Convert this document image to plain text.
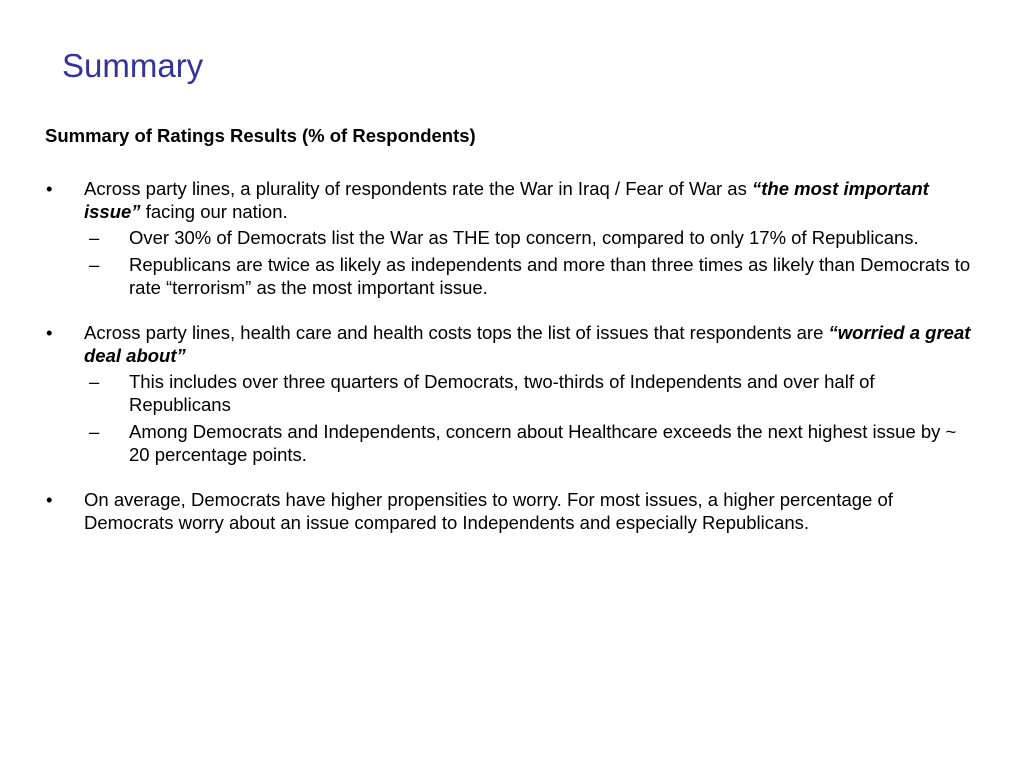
Summary
Summary of Ratings Results (% of Respondents)
•	Across party lines, a plurality of respondents rate the War in Iraq / Fear of War as “the most important issue” facing our nation.
–	Over 30% of Democrats list the War as THE top concern, compared to only 17% of Republicans.
–	Republicans are twice as likely as independents and more than three times as likely than Democrats to rate “terrorism” as the most important issue.
•	Across party lines, health care and health costs tops the list of issues that respondents are “worried a great deal about”
–	This includes over three quarters of Democrats, two-thirds of Independents and over half of Republicans
–	Among Democrats and Independents, concern about Healthcare exceeds the next highest issue by ~ 20 percentage points.
•	On average, Democrats have higher propensities to worry. For most issues, a higher percentage of Democrats worry about an issue compared to Independents and especially Republicans.
